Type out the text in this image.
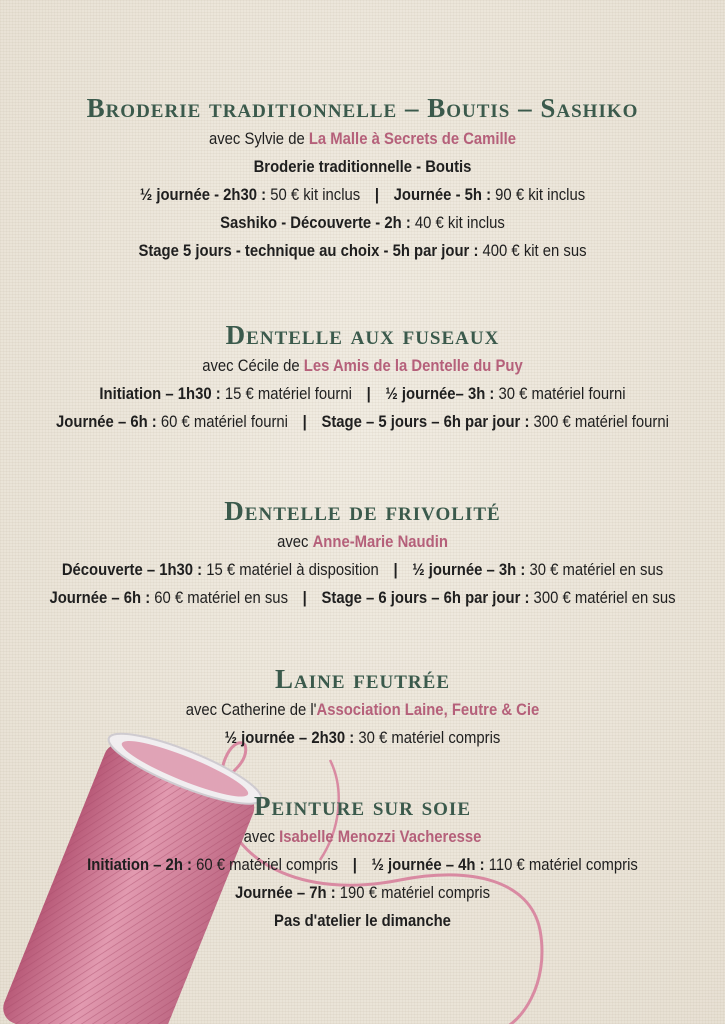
Broderie traditionnelle – Boutis – Sashiko
avec Sylvie de La Malle à Secrets de Camille
Broderie traditionnelle - Boutis
½ journée - 2h30 : 50 € kit inclus | Journée - 5h : 90 € kit inclus
Sashiko - Découverte - 2h : 40 € kit inclus
Stage 5 jours - technique au choix - 5h par jour : 400 € kit en sus
Dentelle aux fuseaux
avec Cécile de Les Amis de la Dentelle du Puy
Initiation – 1h30 : 15 € matériel fourni | ½ journée– 3h : 30 € matériel fourni
Journée – 6h : 60 € matériel fourni | Stage – 5 jours – 6h par jour : 300 € matériel fourni
Dentelle de frivolité
avec Anne-Marie Naudin
Découverte – 1h30 : 15 € matériel à disposition | ½ journée – 3h : 30 € matériel en sus
Journée – 6h : 60 € matériel en sus | Stage – 6 jours – 6h par jour : 300 € matériel en sus
Laine feutrée
avec Catherine de l'Association Laine, Feutre & Cie
½ journée – 2h30 : 30 € matériel compris
Peinture sur soie
avec Isabelle Menozzi Vacheresse
Initiation – 2h : 60 € matériel compris | ½ journée – 4h : 110 € matériel compris
Journée – 7h : 190 € matériel compris
Pas d'atelier le dimanche
